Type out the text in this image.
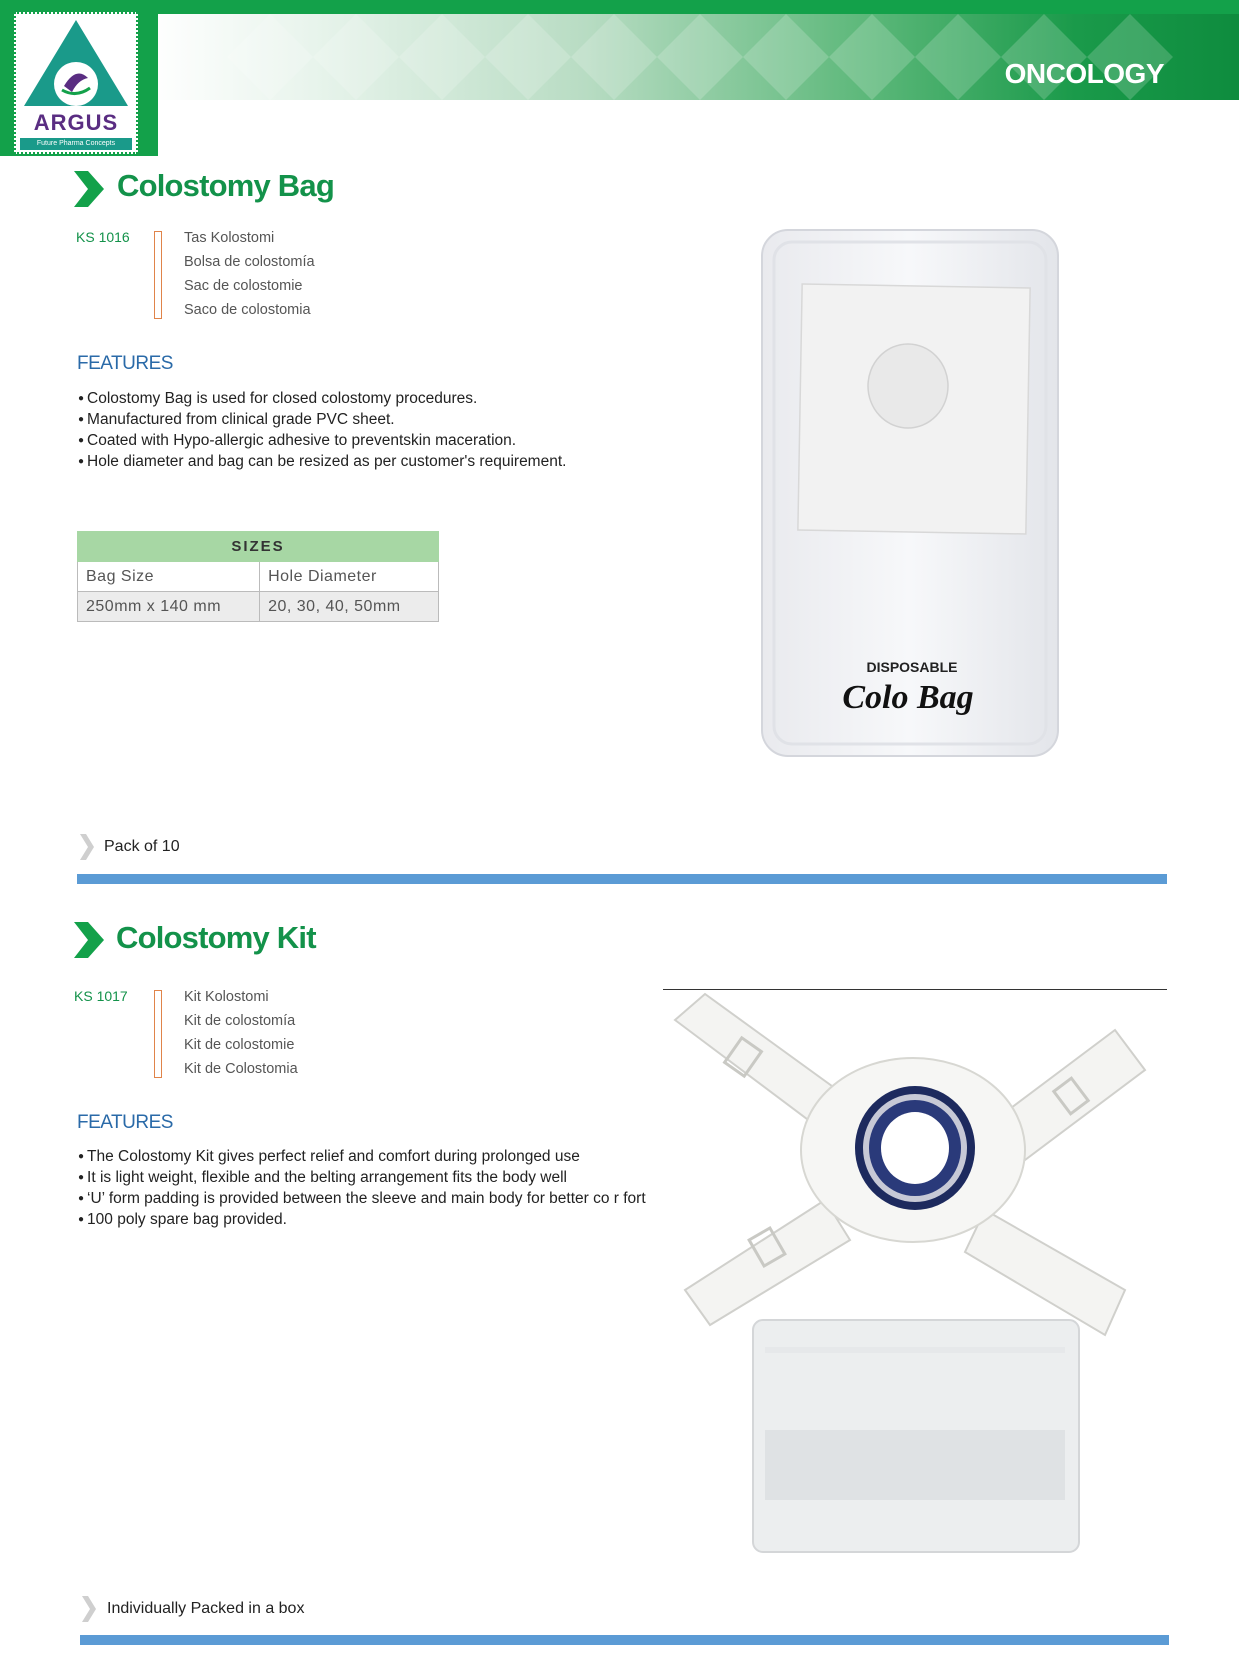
ONCOLOGY
ARGUS
Future Pharma Concepts
Colostomy Bag
KS 1016	Tas Kolostomi
Bolsa de colostomía
Sac de colostomie
Saco de colostomia
FEATURES
● Colostomy Bag is used for closed colostomy procedures.
● Manufactured from clinical grade PVC sheet.
● Coated with Hypo-allergic adhesive to preventskin maceration.
● Hole diameter and bag can be resized as per customer's requirement.
SIZES	
Bag Size	Hole Diameter
250mm x 140 mm	20, 30, 40, 50mm
DISPOSABLE
Colo Bag
Pack of 10
Colostomy Kit
KS 1017	Kit Kolostomi
Kit de colostomía
Kit de colostomie
Kit de Colostomia
FEATURES
● The Colostomy Kit gives perfect relief and comfort during prolonged use
● It is light weight, flexible and the belting arrangement fits the body well
● ‘U’ form padding is provided between the sleeve and main body for better co r fort
● 100 poly spare bag provided.
Individually Packed in a box
